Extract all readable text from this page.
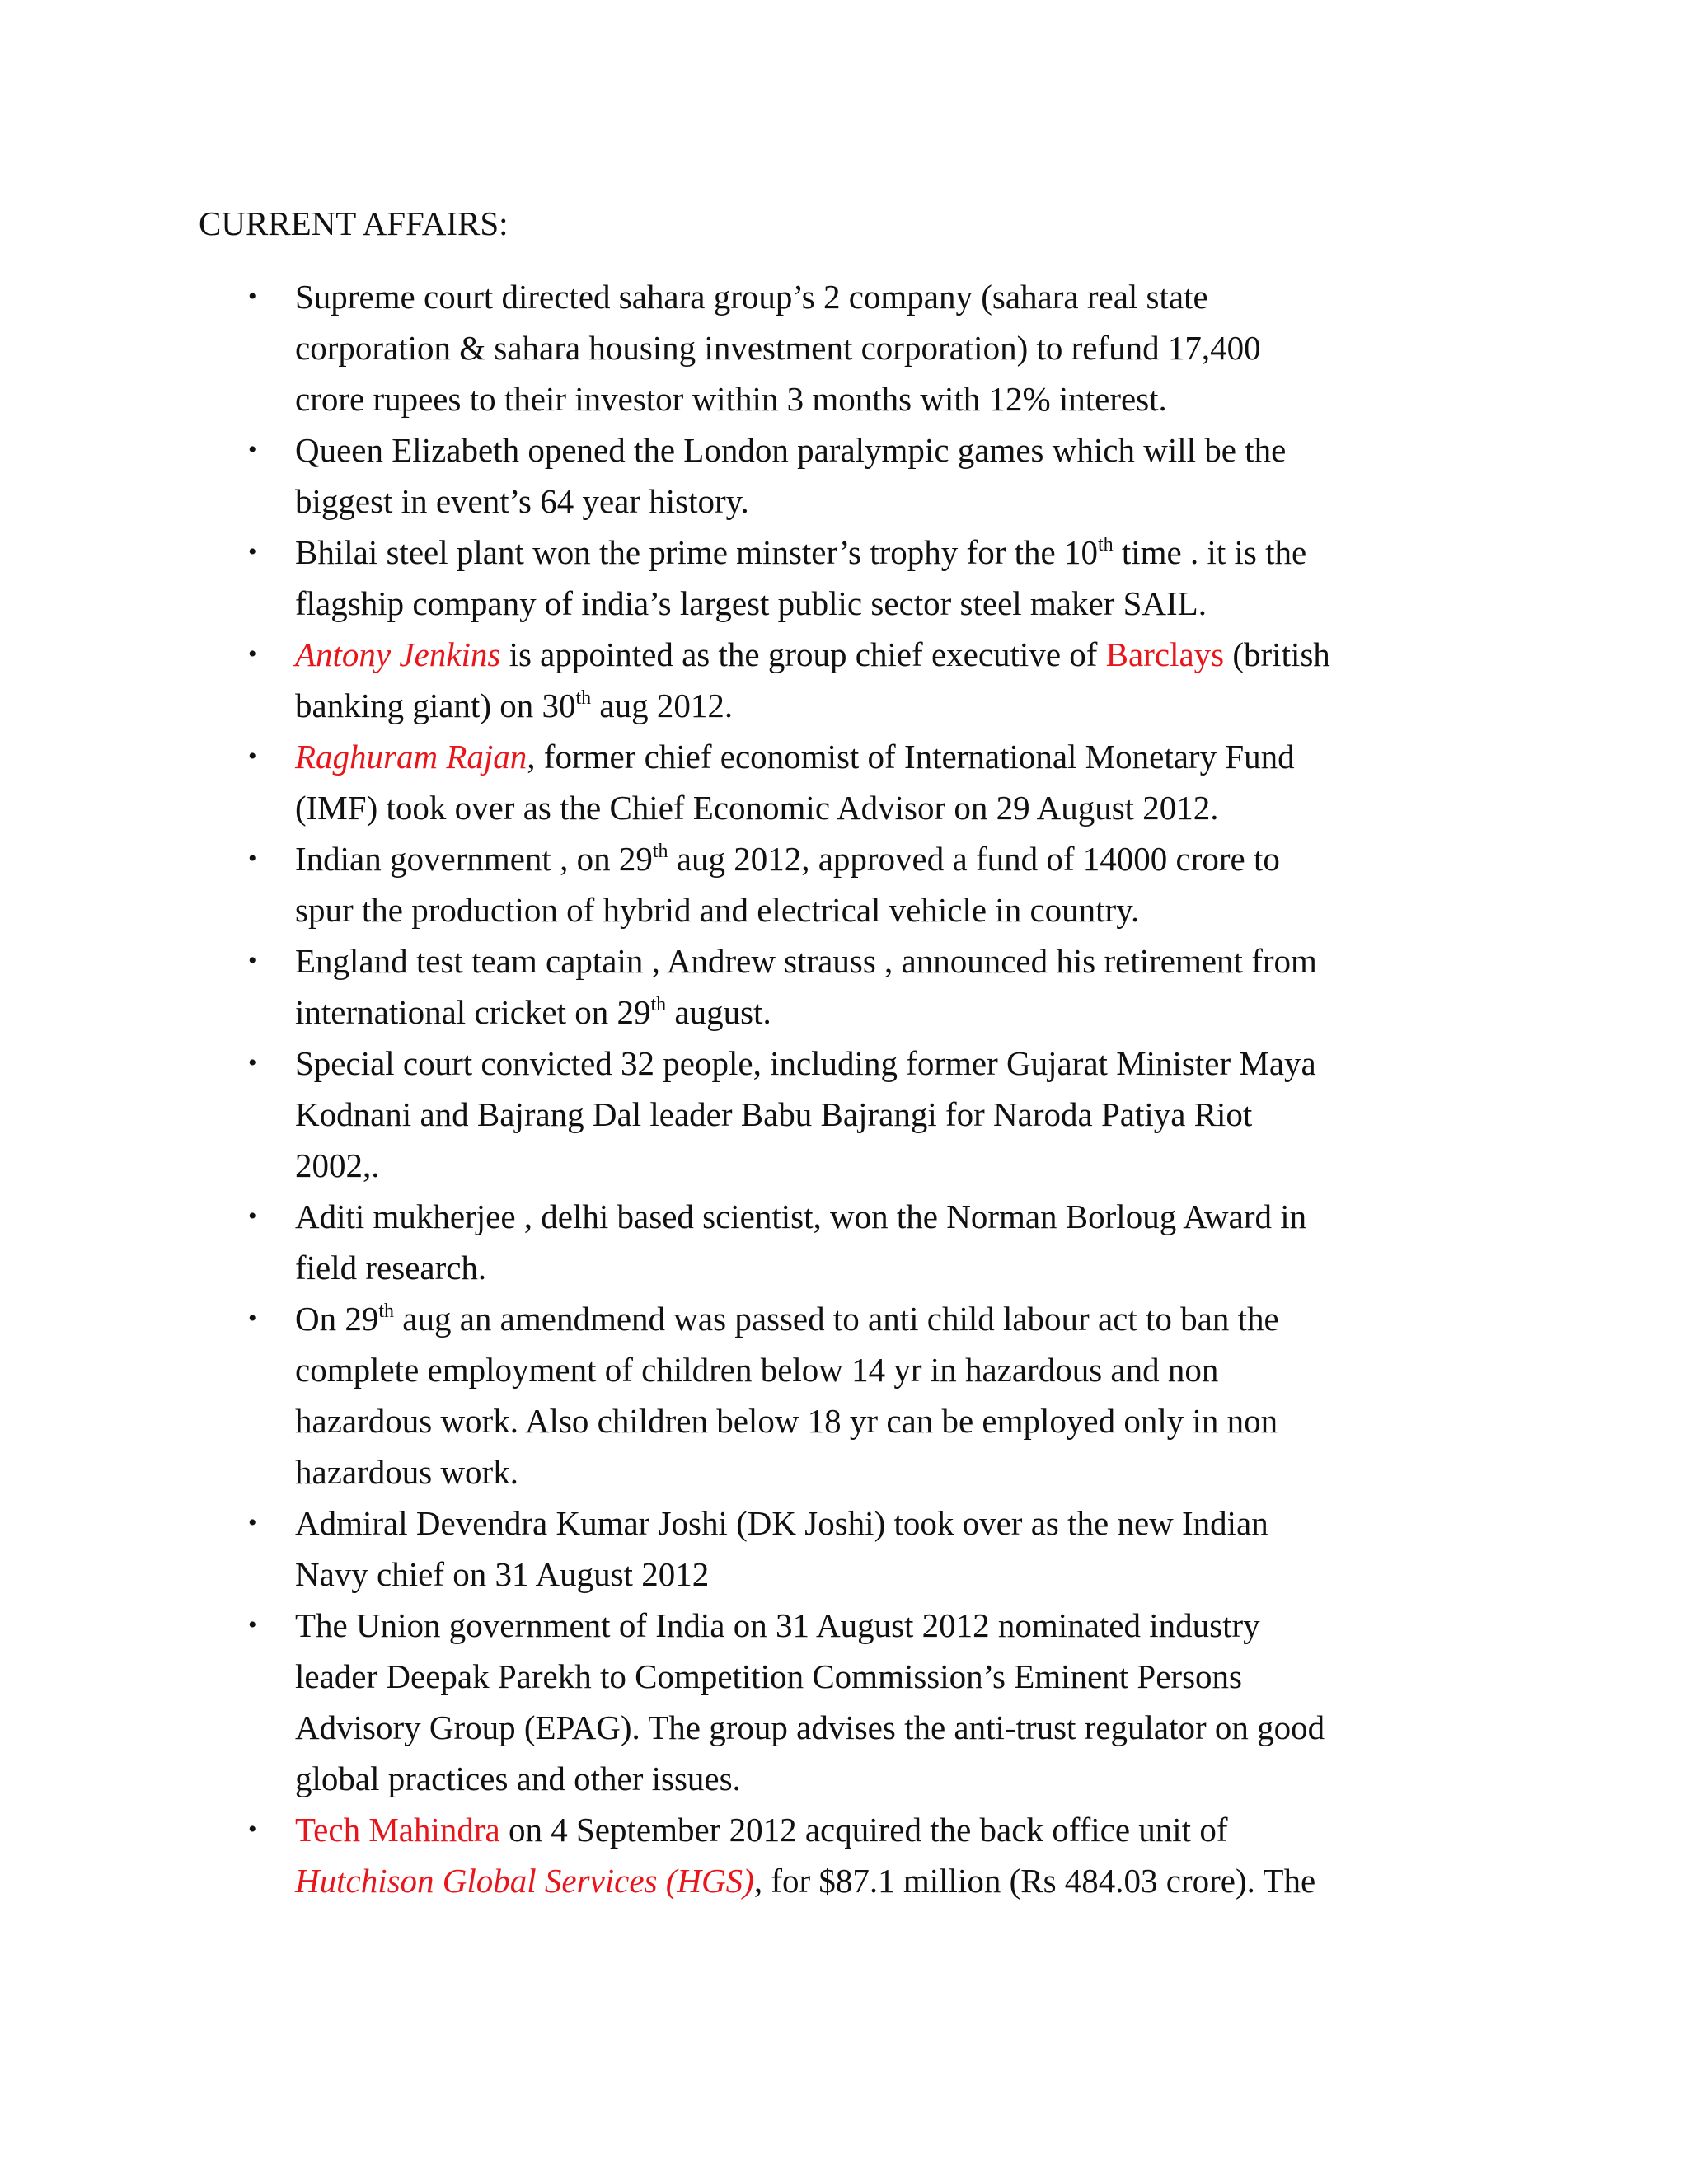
CURRENT AFFAIRS:
• Supreme court directed sahara group’s 2 company (sahara real state
corporation & sahara housing investment corporation) to refund 17,400
crore rupees to their investor within 3 months with 12% interest.
• Queen Elizabeth opened the London paralympic games which will be the
biggest in event’s 64 year history.
• Bhilai steel plant won the prime minster’s trophy for the 10th time . it is the
flagship company of india’s largest public sector steel maker SAIL.
• Antony Jenkins is appointed as the group chief executive of Barclays (british
banking giant) on 30th aug 2012.
• Raghuram Rajan, former chief economist of International Monetary Fund
(IMF) took over as the Chief Economic Advisor on 29 August 2012.
• Indian government , on 29th aug 2012, approved a fund of 14000 crore to
spur the production of hybrid and electrical vehicle in country.
• England test team captain , Andrew strauss , announced his retirement from
international cricket on 29th august.
• Special court convicted 32 people, including former Gujarat Minister Maya
Kodnani and Bajrang Dal leader Babu Bajrangi for Naroda Patiya Riot
2002,.
• Aditi mukherjee , delhi based scientist, won the Norman Borloug Award in
field research.
• On 29th aug an amendmend was passed to anti child labour act to ban the
complete employment of children below 14 yr in hazardous and non
hazardous work. Also children below 18 yr can be employed only in non
hazardous work.
• Admiral Devendra Kumar Joshi (DK Joshi) took over as the new Indian
Navy chief on 31 August 2012
• The Union government of India on 31 August 2012 nominated industry
leader Deepak Parekh to Competition Commission’s Eminent Persons
Advisory Group (EPAG). The group advises the anti-trust regulator on good
global practices and other issues.
• Tech Mahindra on 4 September 2012 acquired the back office unit of
Hutchison Global Services (HGS), for $87.1 million (Rs 484.03 crore). The
